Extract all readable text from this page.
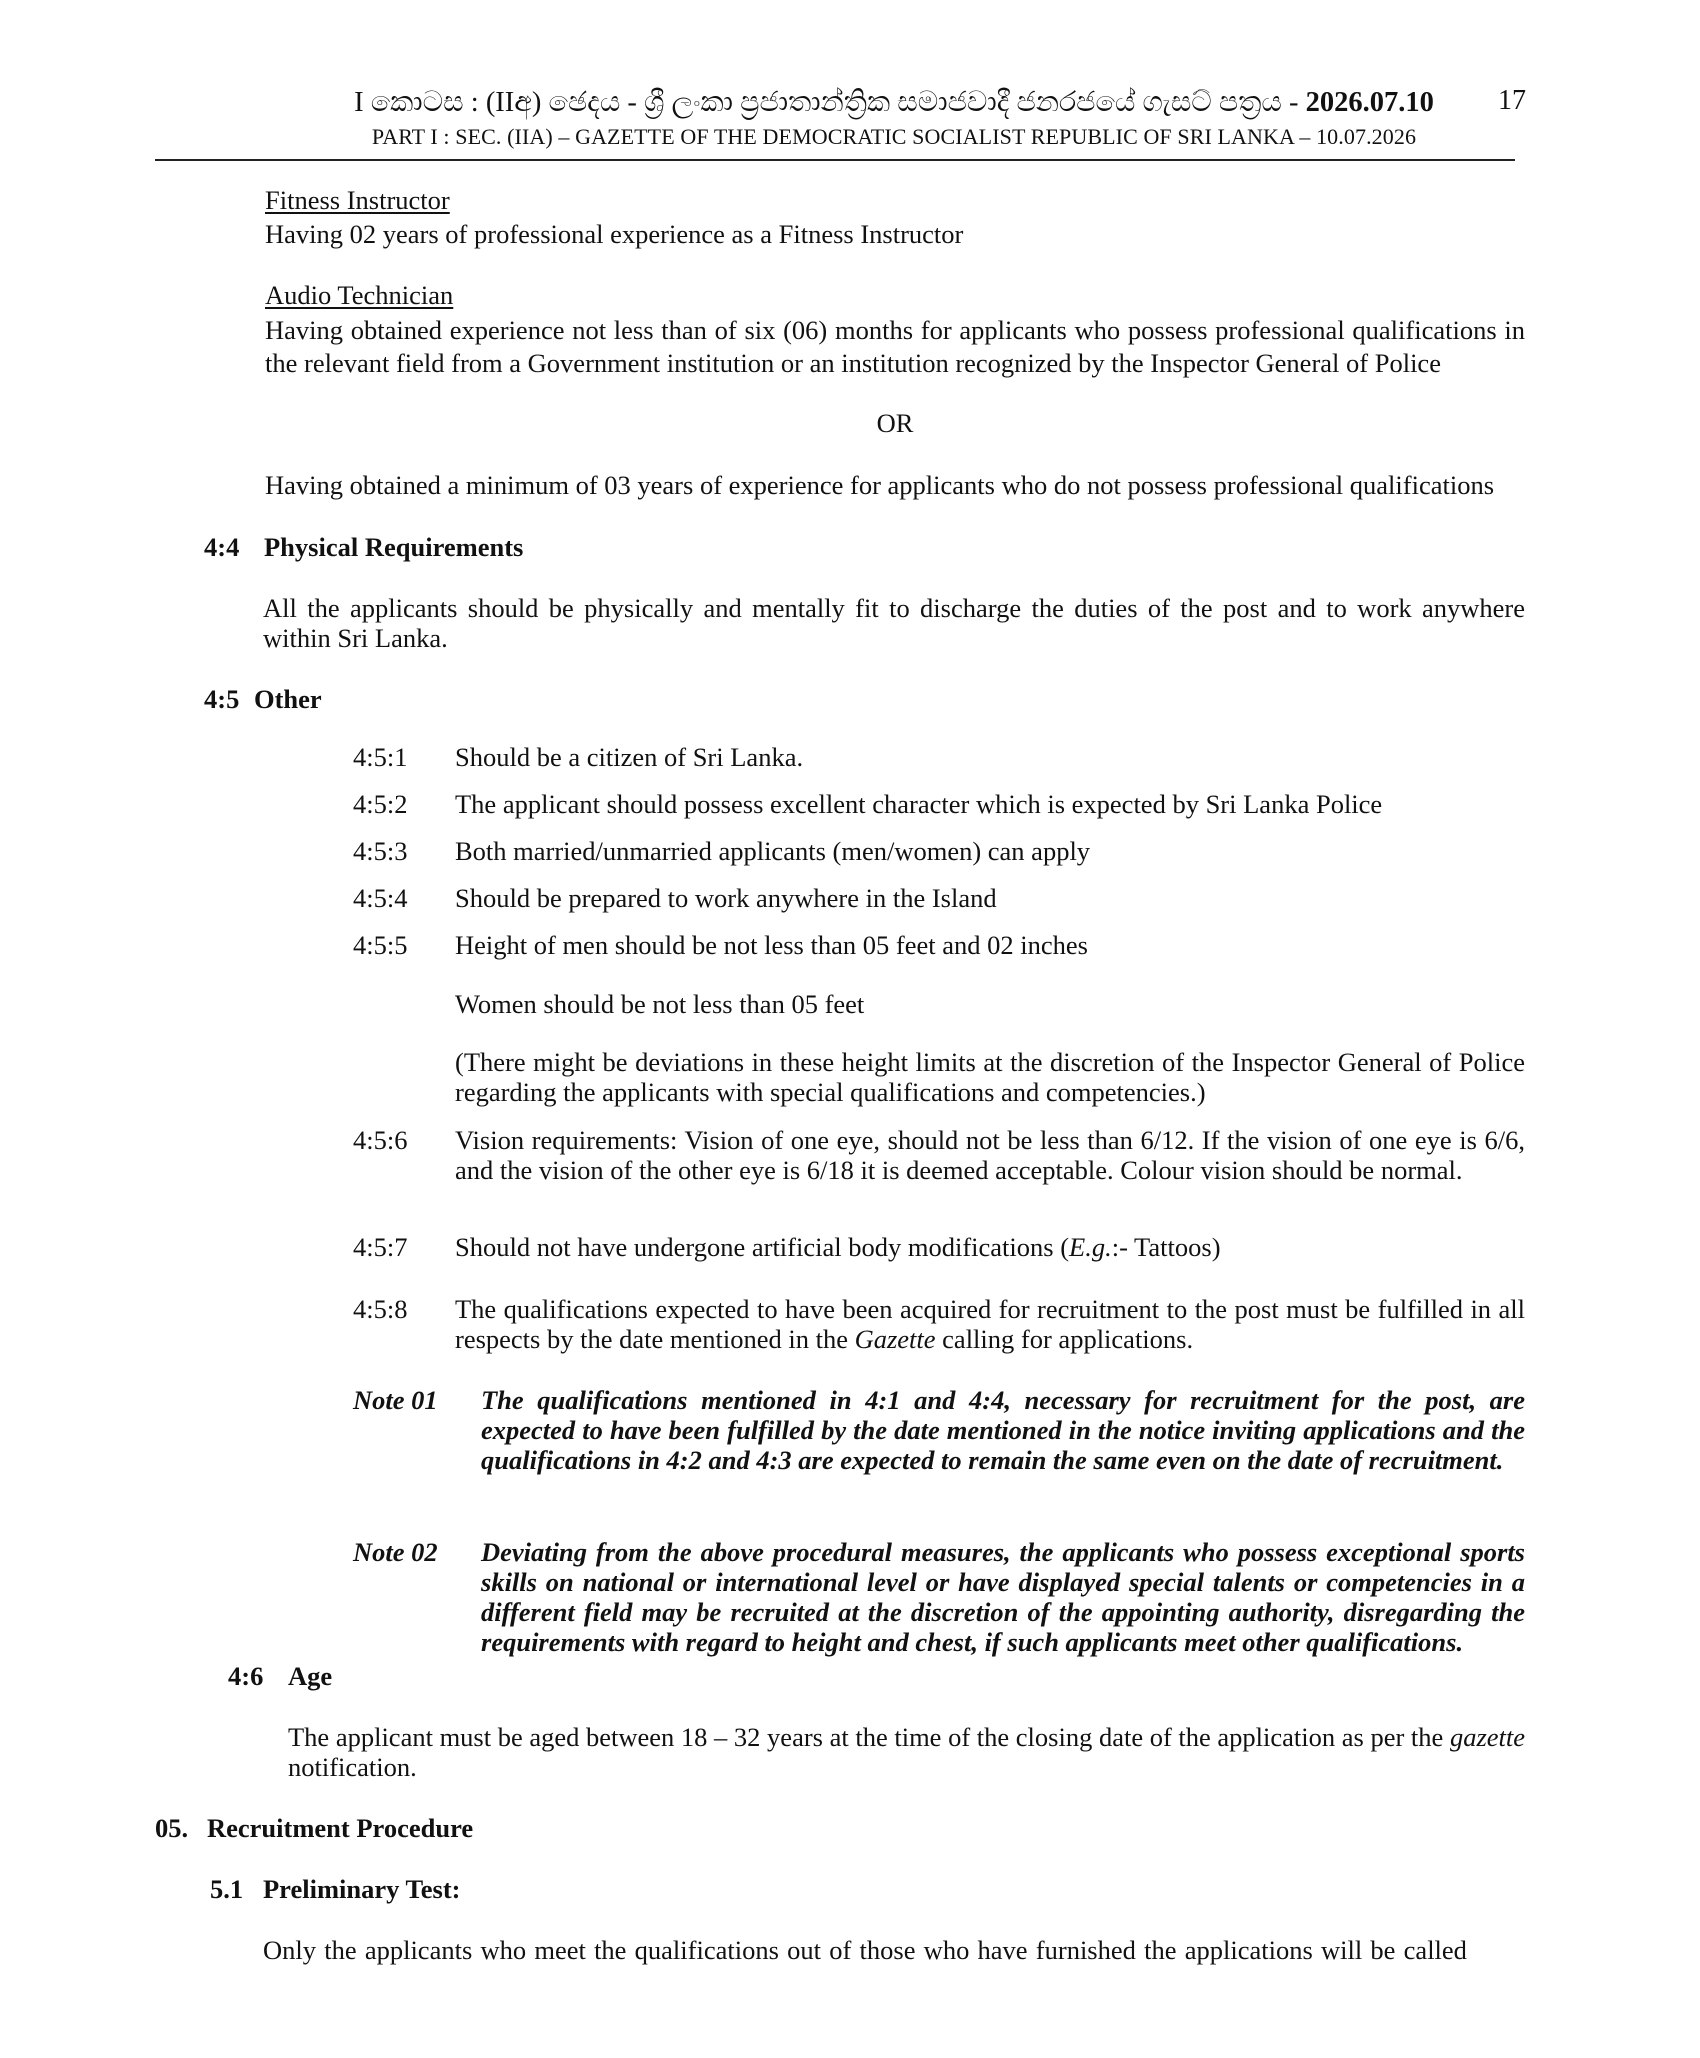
I කොටස : (IIඅ) ඡෙදය - ශ්‍රී ලංකා ප්‍රජාතාන්ත්‍රික සමාජවාදී ජනරජයේ ගැසට් පත්‍රය - 2026.07.10
PART I : SEC. (IIA) – GAZETTE OF THE DEMOCRATIC SOCIALIST REPUBLIC OF SRI LANKA – 10.07.2026
17
Fitness Instructor
Having 02 years of professional experience as a Fitness Instructor
Audio Technician
Having obtained experience not less than of six (06) months for applicants who possess professional qualifications in the relevant field from a Government institution or an institution recognized by the Inspector General of Police
OR
Having obtained a minimum of 03 years of experience for applicants who do not possess professional qualifications
4:4 Physical Requirements
All the applicants should be physically and mentally fit to discharge the duties of the post and to work anywhere within Sri Lanka.
4:5 Other
4:5:1 Should be a citizen of Sri Lanka.
4:5:2 The applicant should possess excellent character which is expected by Sri Lanka Police
4:5:3 Both married/unmarried applicants (men/women) can apply
4:5:4 Should be prepared to work anywhere in the Island
4:5:5 Height of men should be not less than 05 feet and 02 inches
Women should be not less than 05 feet
(There might be deviations in these height limits at the discretion of the Inspector General of Police regarding the applicants with special qualifications and competencies.)
4:5:6 Vision requirements: Vision of one eye, should not be less than 6/12. If the vision of one eye is 6/6, and the vision of the other eye is 6/18 it is deemed acceptable. Colour vision should be normal.
4:5:7 Should not have undergone artificial body modifications (E.g.:- Tattoos)
4:5:8 The qualifications expected to have been acquired for recruitment to the post must be fulfilled in all respects by the date mentioned in the Gazette calling for applications.
Note 01 The qualifications mentioned in 4:1 and 4:4, necessary for recruitment for the post, are expected to have been fulfilled by the date mentioned in the notice inviting applications and the qualifications in 4:2 and 4:3 are expected to remain the same even on the date of recruitment.
Note 02 Deviating from the above procedural measures, the applicants who possess exceptional sports skills on national or international level or have displayed special talents or competencies in a different field may be recruited at the discretion of the appointing authority, disregarding the requirements with regard to height and chest, if such applicants meet other qualifications.
4:6 Age
The applicant must be aged between 18 – 32 years at the time of the closing date of the application as per the gazette notification.
05. Recruitment Procedure
5.1 Preliminary Test:
Only the applicants who meet the qualifications out of those who have furnished the applications will be called
